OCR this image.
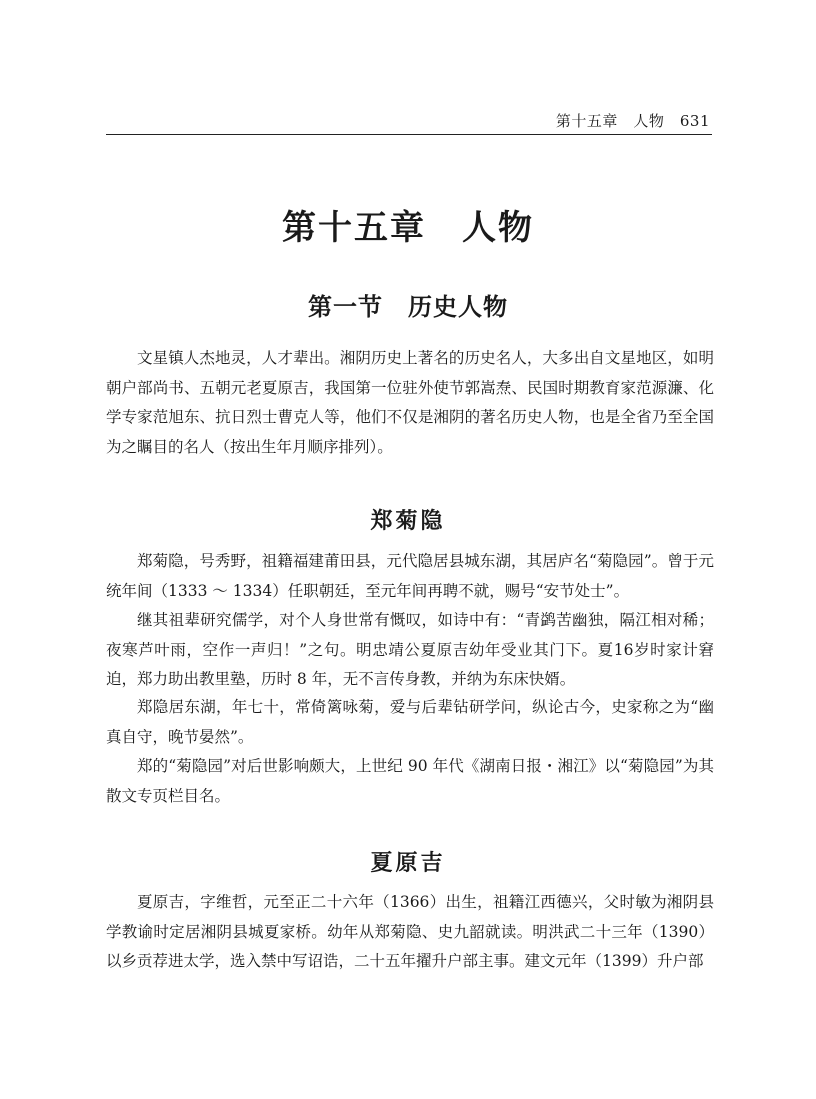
第十五章　人物　631
第十五章　人物
第一节　历史人物

文星镇人杰地灵，人才辈出。湘阴历史上著名的历史名人，大多出自文星地区，如明朝户部尚书、五朝元老夏原吉，我国第一位驻外使节郭嵩焘、民国时期教育家范源濂、化学专家范旭东、抗日烈士曹克人等，他们不仅是湘阴的著名历史人物，也是全省乃至全国为之瞩目的名人（按出生年月顺序排列）。

郑菊隐

郑菊隐，号秀野，祖籍福建莆田县，元代隐居县城东湖，其居庐名“菊隐园”。曾于元统年间（1333 ～ 1334）任职朝廷，至元年间再聘不就，赐号“安节处士”。

继其祖辈研究儒学，对个人身世常有慨叹，如诗中有：“青鹢苦幽独，隔江相对稀；夜寒芦叶雨，空作一声归！”之句。明忠靖公夏原吉幼年受业其门下。夏16岁时家计窘迫，郑力助出教里塾，历时 8 年，无不言传身教，并纳为东床快婿。

郑隐居东湖，年七十，常倚篱咏菊，爱与后辈钻研学问，纵论古今，史家称之为“幽真自守，晚节晏然”。

郑的“菊隐园”对后世影响颇大，上世纪 90 年代《湖南日报・湘江》以“菊隐园”为其散文专页栏目名。

夏原吉

夏原吉，字维哲，元至正二十六年（1366）出生，祖籍江西德兴，父时敏为湘阴县学教谕时定居湘阴县城夏家桥。幼年从郑菊隐、史九韶就读。明洪武二十三年（1390）以乡贡荐进太学，选入禁中写诏诰，二十五年擢升户部主事。建文元年（1399）升户部
